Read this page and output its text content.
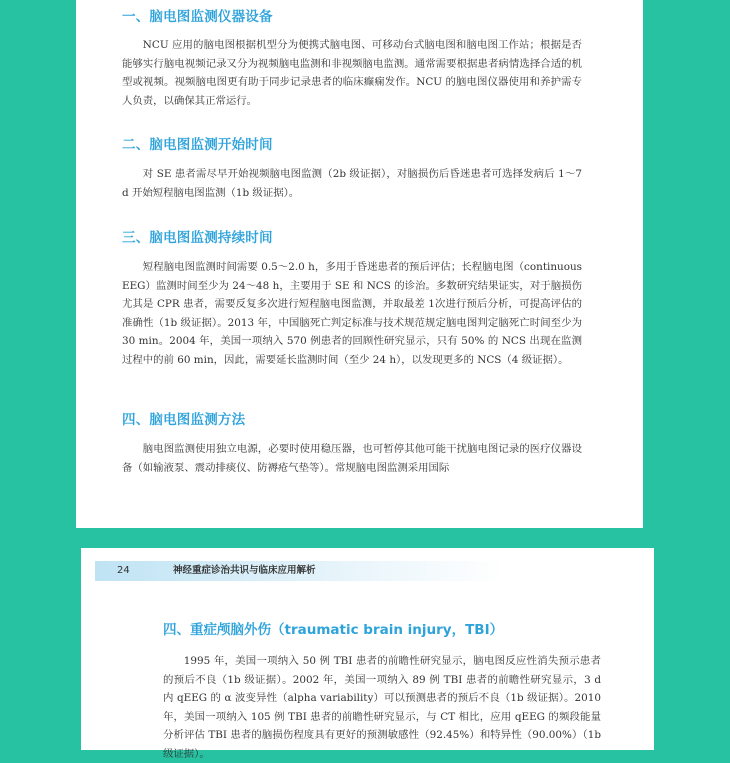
一、脑电图监测仪器设备

NCU 应用的脑电图根据机型分为便携式脑电图、可移动台式脑电图和脑电图工作站；根据是否能够实行脑电视频记录又分为视频脑电监测和非视频脑电监测。通常需要根据患者病情选择合适的机型或视频。视频脑电图更有助于同步记录患者的临床癫痫发作。NCU 的脑电图仪器使用和养护需专人负责，以确保其正常运行。

二、脑电图监测开始时间

对 SE 患者需尽早开始视频脑电图监测（2b 级证据），对脑损伤后昏迷患者可选择发病后 1～7 d 开始短程脑电图监测（1b 级证据）。

三、脑电图监测持续时间

短程脑电图监测时间需要 0.5～2.0 h，多用于昏迷患者的预后评估；长程脑电图（continuous EEG）监测时间至少为 24～48 h，主要用于 SE 和 NCS 的诊治。多数研究结果证实，对于脑损伤尤其是 CPR 患者，需要反复多次进行短程脑电图监测，并取最差 1次进行预后分析，可提高评估的准确性（1b 级证据）。2013 年，中国脑死亡判定标准与技术规范规定脑电图判定脑死亡时间至少为 30 min。2004 年，美国一项纳入 570 例患者的回顾性研究显示，只有 50% 的 NCS 出现在监测过程中的前 60 min，因此，需要延长监测时间（至少 24 h），以发现更多的 NCS（4 级证据）。

四、脑电图监测方法

脑电图监测使用独立电源，必要时使用稳压器，也可暂停其他可能干扰脑电图记录的医疗仪器设备（如输液泵、震动排痰仪、防褥疮气垫等）。常规脑电图监测采用国际

24	神经重症诊治共识与临床应用解析
四、重症颅脑外伤（traumatic brain injury，TBI）

1995 年，美国一项纳入 50 例 TBI 患者的前瞻性研究显示，脑电图反应性消失预示患者的预后不良（1b 级证据）。2002 年，美国一项纳入 89 例 TBI 患者的前瞻性研究显示，3 d 内 qEEG 的 α 波变异性（alpha variability）可以预测患者的预后不良（1b 级证据）。2010 年，美国一项纳入 105 例 TBI 患者的前瞻性研究显示，与 CT 相比，应用 qEEG 的频段能量分析评估 TBI 患者的脑损伤程度具有更好的预测敏感性（92.45%）和特异性（90.00%）（1b 级证据）。
